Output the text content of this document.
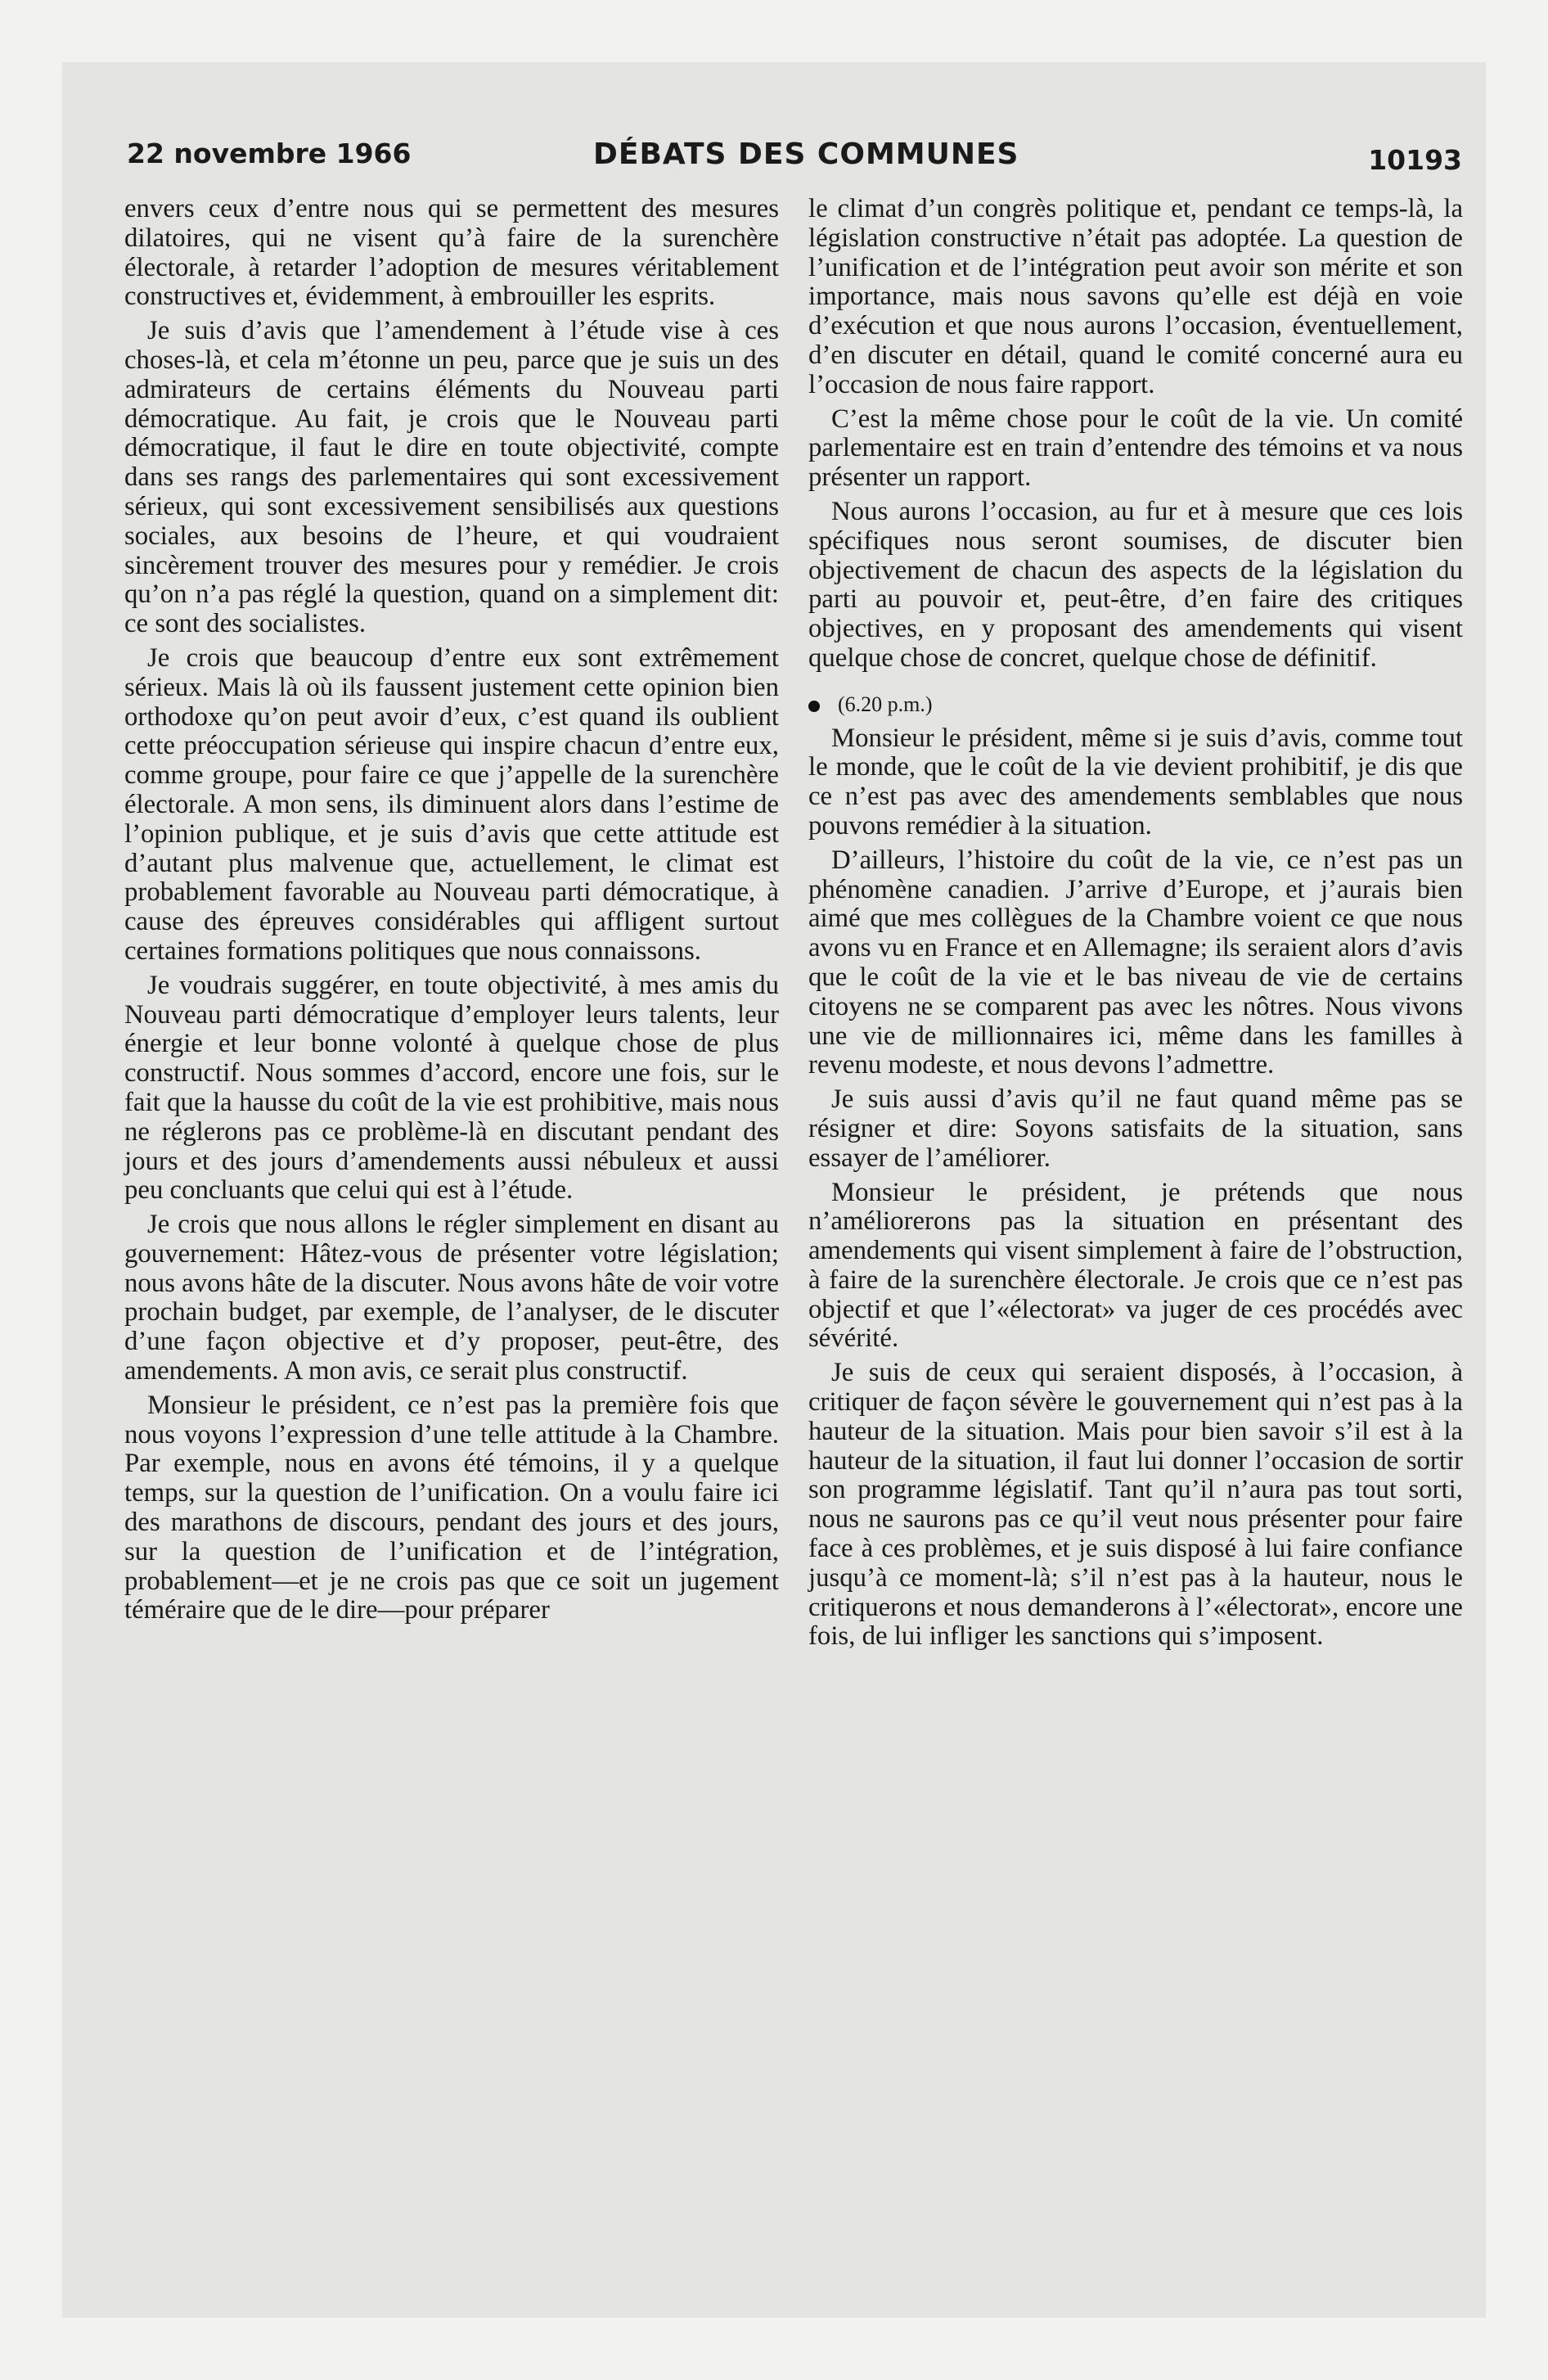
22 novembre 1966	DÉBATS DES COMMUNES	10193

envers ceux d’entre nous qui se permettent des mesures dilatoires, qui ne visent qu’à faire de la surenchère électorale, à retarder l’adoption de mesures véritablement constructives et, évidemment, à embrouiller les esprits.

Je suis d’avis que l’amendement à l’étude vise à ces choses-là, et cela m’étonne un peu, parce que je suis un des admirateurs de certains éléments du Nouveau parti démocratique. Au fait, je crois que le Nouveau parti démocratique, il faut le dire en toute objectivité, compte dans ses rangs des parlementaires qui sont excessivement sérieux, qui sont excessivement sensibilisés aux questions sociales, aux besoins de l’heure, et qui voudraient sincèrement trouver des mesures pour y remédier. Je crois qu’on n’a pas réglé la question, quand on a simplement dit: ce sont des socialistes.

Je crois que beaucoup d’entre eux sont extrêmement sérieux. Mais là où ils faussent justement cette opinion bien orthodoxe qu’on peut avoir d’eux, c’est quand ils oublient cette préoccupation sérieuse qui inspire chacun d’entre eux, comme groupe, pour faire ce que j’appelle de la surenchère électorale. A mon sens, ils diminuent alors dans l’estime de l’opinion publique, et je suis d’avis que cette attitude est d’autant plus malvenue que, actuellement, le climat est probablement favorable au Nouveau parti démocratique, à cause des épreuves considérables qui affligent surtout certaines formations politiques que nous connaissons.

Je voudrais suggérer, en toute objectivité, à mes amis du Nouveau parti démocratique d’employer leurs talents, leur énergie et leur bonne volonté à quelque chose de plus constructif. Nous sommes d’accord, encore une fois, sur le fait que la hausse du coût de la vie est prohibitive, mais nous ne réglerons pas ce problème-là en discutant pendant des jours et des jours d’amendements aussi nébuleux et aussi peu concluants que celui qui est à l’étude.

Je crois que nous allons le régler simplement en disant au gouvernement: Hâtez-vous de présenter votre législation; nous avons hâte de la discuter. Nous avons hâte de voir votre prochain budget, par exemple, de l’analyser, de le discuter d’une façon objective et d’y proposer, peut-être, des amendements. A mon avis, ce serait plus constructif.

Monsieur le président, ce n’est pas la première fois que nous voyons l’expression d’une telle attitude à la Chambre. Par exemple, nous en avons été témoins, il y a quelque temps, sur la question de l’unification. On a voulu faire ici des marathons de discours, pendant des jours et des jours, sur la question de l’unification et de l’intégration, probablement—et je ne crois pas que ce soit un jugement téméraire que de le dire—pour préparer

le climat d’un congrès politique et, pendant ce temps-là, la législation constructive n’était pas adoptée. La question de l’unification et de l’intégration peut avoir son mérite et son importance, mais nous savons qu’elle est déjà en voie d’exécution et que nous aurons l’occasion, éventuellement, d’en discuter en détail, quand le comité concerné aura eu l’occasion de nous faire rapport.

C’est la même chose pour le coût de la vie. Un comité parlementaire est en train d’entendre des témoins et va nous présenter un rapport.

Nous aurons l’occasion, au fur et à mesure que ces lois spécifiques nous seront soumises, de discuter bien objectivement de chacun des aspects de la législation du parti au pouvoir et, peut-être, d’en faire des critiques objectives, en y proposant des amendements qui visent quelque chose de concret, quelque chose de définitif.

(6.20 p.m.)

Monsieur le président, même si je suis d’avis, comme tout le monde, que le coût de la vie devient prohibitif, je dis que ce n’est pas avec des amendements semblables que nous pouvons remédier à la situation.

D’ailleurs, l’histoire du coût de la vie, ce n’est pas un phénomène canadien. J’arrive d’Europe, et j’aurais bien aimé que mes collègues de la Chambre voient ce que nous avons vu en France et en Allemagne; ils seraient alors d’avis que le coût de la vie et le bas niveau de vie de certains citoyens ne se comparent pas avec les nôtres. Nous vivons une vie de millionnaires ici, même dans les familles à revenu modeste, et nous devons l’admettre.

Je suis aussi d’avis qu’il ne faut quand même pas se résigner et dire: Soyons satisfaits de la situation, sans essayer de l’améliorer.

Monsieur le président, je prétends que nous n’améliorerons pas la situation en présentant des amendements qui visent simplement à faire de l’obstruction, à faire de la surenchère électorale. Je crois que ce n’est pas objectif et que l’«électorat» va juger de ces procédés avec sévérité.

Je suis de ceux qui seraient disposés, à l’occasion, à critiquer de façon sévère le gouvernement qui n’est pas à la hauteur de la situation. Mais pour bien savoir s’il est à la hauteur de la situation, il faut lui donner l’occasion de sortir son programme législatif. Tant qu’il n’aura pas tout sorti, nous ne saurons pas ce qu’il veut nous présenter pour faire face à ces problèmes, et je suis disposé à lui faire confiance jusqu’à ce moment-là; s’il n’est pas à la hauteur, nous le critiquerons et nous demanderons à l’«électorat», encore une fois, de lui infliger les sanctions qui s’imposent.
